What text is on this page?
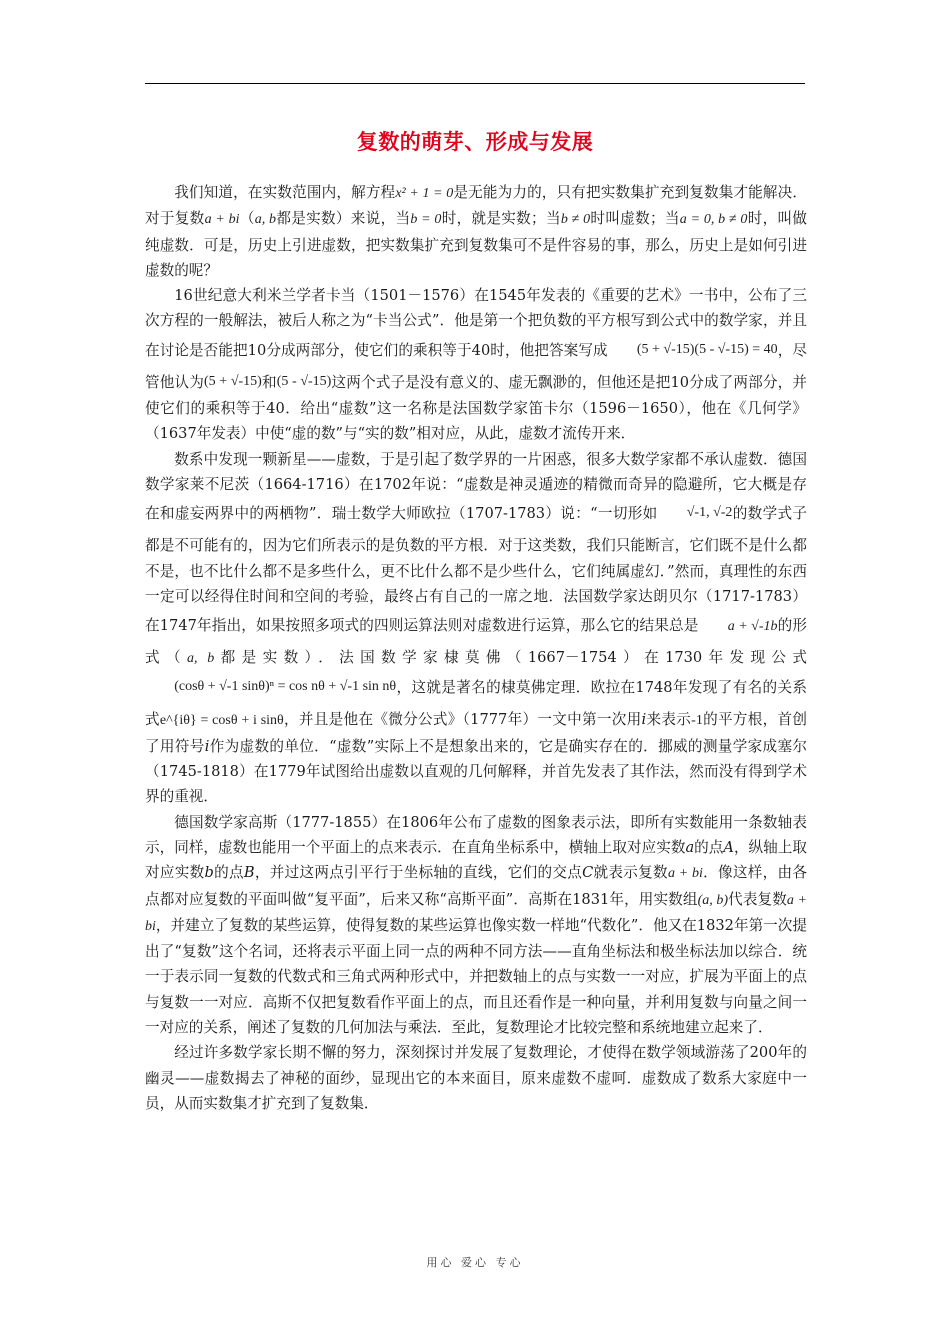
复数的萌芽、形成与发展

我们知道，在实数范围内，解方程x² + 1 = 0是无能为力的，只有把实数集扩充到复数集才能解决．对于复数a + bi（a, b都是实数）来说，当b = 0时，就是实数；当b ≠ 0时叫虚数；当a = 0, b ≠ 0时，叫做纯虚数．可是，历史上引进虚数，把实数集扩充到复数集可不是件容易的事，那么，历史上是如何引进虚数的呢？

16世纪意大利米兰学者卡当（1501－1576）在1545年发表的《重要的艺术》一书中，公布了三次方程的一般解法，被后人称之为“卡当公式”．他是第一个把负数的平方根写到公式中的数学家，并且在讨论是否能把10分成两部分，使它们的乘积等于40时，他把答案写成 (5 + √-15)(5 - √-15) = 40，尽管他认为(5 + √-15)和(5 - √-15)这两个式子是没有意义的、虚无飘渺的，但他还是把10分成了两部分，并使它们的乘积等于40．给出“虚数”这一名称是法国数学家笛卡尔（1596－1650），他在《几何学》（1637年发表）中使“虚的数”与“实的数”相对应，从此，虚数才流传开来．

数系中发现一颗新星——虚数，于是引起了数学界的一片困惑，很多大数学家都不承认虚数．德国数学家莱不尼茨（1664-1716）在1702年说：“虚数是神灵遁迹的精微而奇异的隐避所，它大概是存在和虚妄两界中的两栖物”．瑞士数学大师欧拉（1707-1783）说：“一切形如 √-1, √-2的数学式子都是不可能有的，因为它们所表示的是负数的平方根．对于这类数，我们只能断言，它们既不是什么都不是，也不比什么都不是多些什么，更不比什么都不是少些什么，它们纯属虚幻．”然而，真理性的东西一定可以经得住时间和空间的考验，最终占有自己的一席之地．法国数学家达朗贝尔（1717-1783）在1747年指出，如果按照多项式的四则运算法则对虚数进行运算，那么它的结果总是 a + √-1b的形式（a, b都是实数）．法国数学家棣莫佛（1667－1754）在1730年发现公式(cosθ + √-1 sinθ)ⁿ = cos nθ + √-1 sin nθ，这就是著名的棣莫佛定理．欧拉在1748年发现了有名的关系式e^{iθ} = cosθ + i sinθ，并且是他在《微分公式》（1777年）一文中第一次用i来表示-1的平方根，首创了用符号i作为虚数的单位．“虚数”实际上不是想象出来的，它是确实存在的．挪威的测量学家成塞尔（1745-1818）在1779年试图给出虚数以直观的几何解释，并首先发表了其作法，然而没有得到学术界的重视．

德国数学家高斯（1777-1855）在1806年公布了虚数的图象表示法，即所有实数能用一条数轴表示，同样，虚数也能用一个平面上的点来表示．在直角坐标系中，横轴上取对应实数a的点A，纵轴上取对应实数b的点B，并过这两点引平行于坐标轴的直线，它们的交点C就表示复数a + bi．像这样，由各点都对应复数的平面叫做“复平面”，后来又称“高斯平面”．高斯在1831年，用实数组(a, b)代表复数a + bi，并建立了复数的某些运算，使得复数的某些运算也像实数一样地“代数化”．他又在1832年第一次提出了“复数”这个名词，还将表示平面上同一点的两种不同方法——直角坐标法和极坐标法加以综合．统一于表示同一复数的代数式和三角式两种形式中，并把数轴上的点与实数一一对应，扩展为平面上的点与复数一一对应．高斯不仅把复数看作平面上的点，而且还看作是一种向量，并利用复数与向量之间一一对应的关系，阐述了复数的几何加法与乘法．至此，复数理论才比较完整和系统地建立起来了．

经过许多数学家长期不懈的努力，深刻探讨并发展了复数理论，才使得在数学领域游荡了200年的幽灵——虚数揭去了神秘的面纱，显现出它的本来面目，原来虚数不虚呵．虚数成了数系大家庭中一员，从而实数集才扩充到了复数集．

用心 爱心 专心
